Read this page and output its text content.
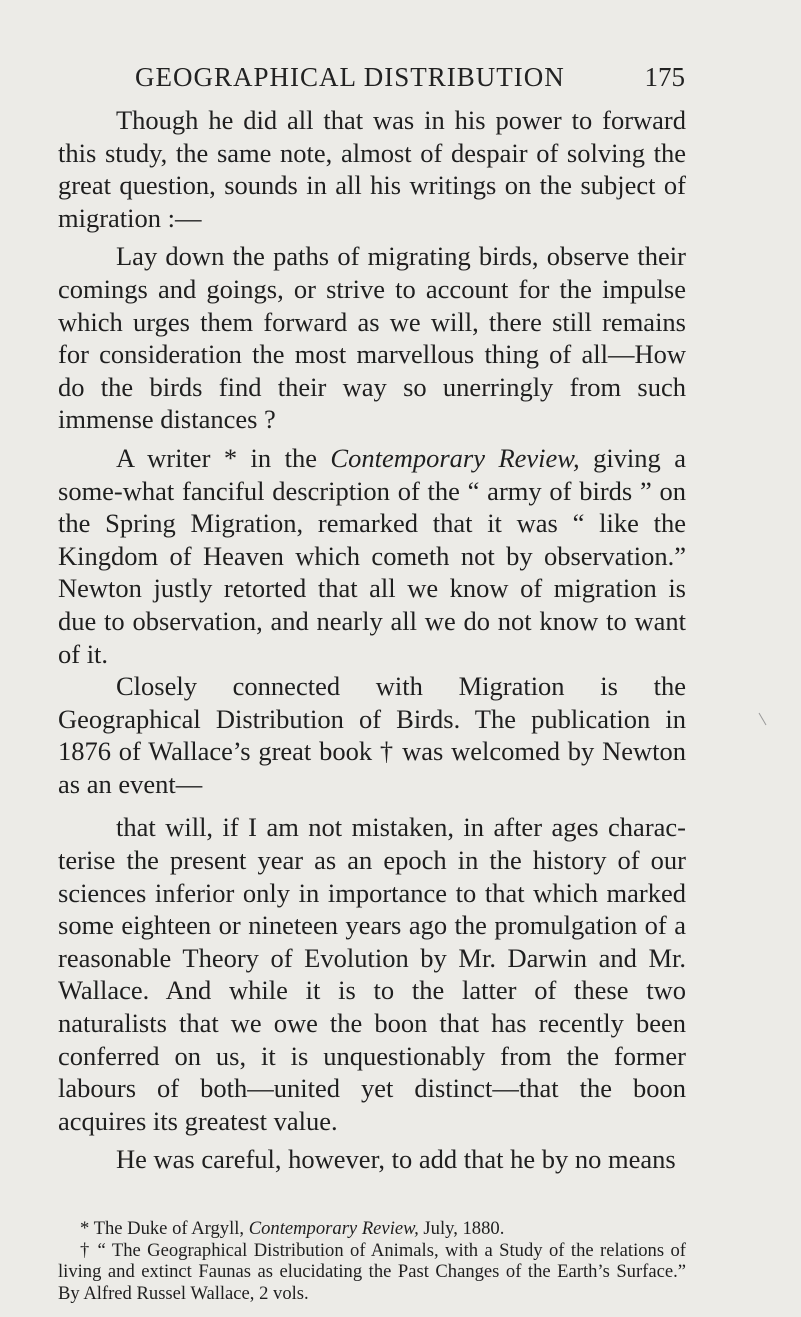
GEOGRAPHICAL DISTRIBUTION	175

Though he did all that was in his power to forward this study, the same note, almost of despair of solving the great question, sounds in all his writings on the subject of migration :—

Lay down the paths of migrating birds, observe their comings and goings, or strive to account for the impulse which urges them forward as we will, there still remains for consideration the most marvellous thing of all—How do the birds find their way so unerringly from such immense distances ?

A writer * in the Contemporary Review, giving a some-what fanciful description of the “ army of birds ” on the Spring Migration, remarked that it was “ like the Kingdom of Heaven which cometh not by observation.” Newton justly retorted that all we know of migration is due to observation, and nearly all we do not know to want of it.

Closely connected with Migration is the Geographical Distribution of Birds. The publication in 1876 of Wallace’s great book † was welcomed by Newton as an event—

that will, if I am not mistaken, in after ages charac-terise the present year as an epoch in the history of our sciences inferior only in importance to that which marked some eighteen or nineteen years ago the promulgation of a reasonable Theory of Evolution by Mr. Darwin and Mr. Wallace. And while it is to the latter of these two naturalists that we owe the boon that has recently been conferred on us, it is unquestionably from the former labours of both—united yet distinct—that the boon acquires its greatest value.

He was careful, however, to add that he by no means

* The Duke of Argyll, Contemporary Review, July, 1880.

† “ The Geographical Distribution of Animals, with a Study of the relations of living and extinct Faunas as elucidating the Past Changes of the Earth’s Surface.” By Alfred Russel Wallace, 2 vols.
